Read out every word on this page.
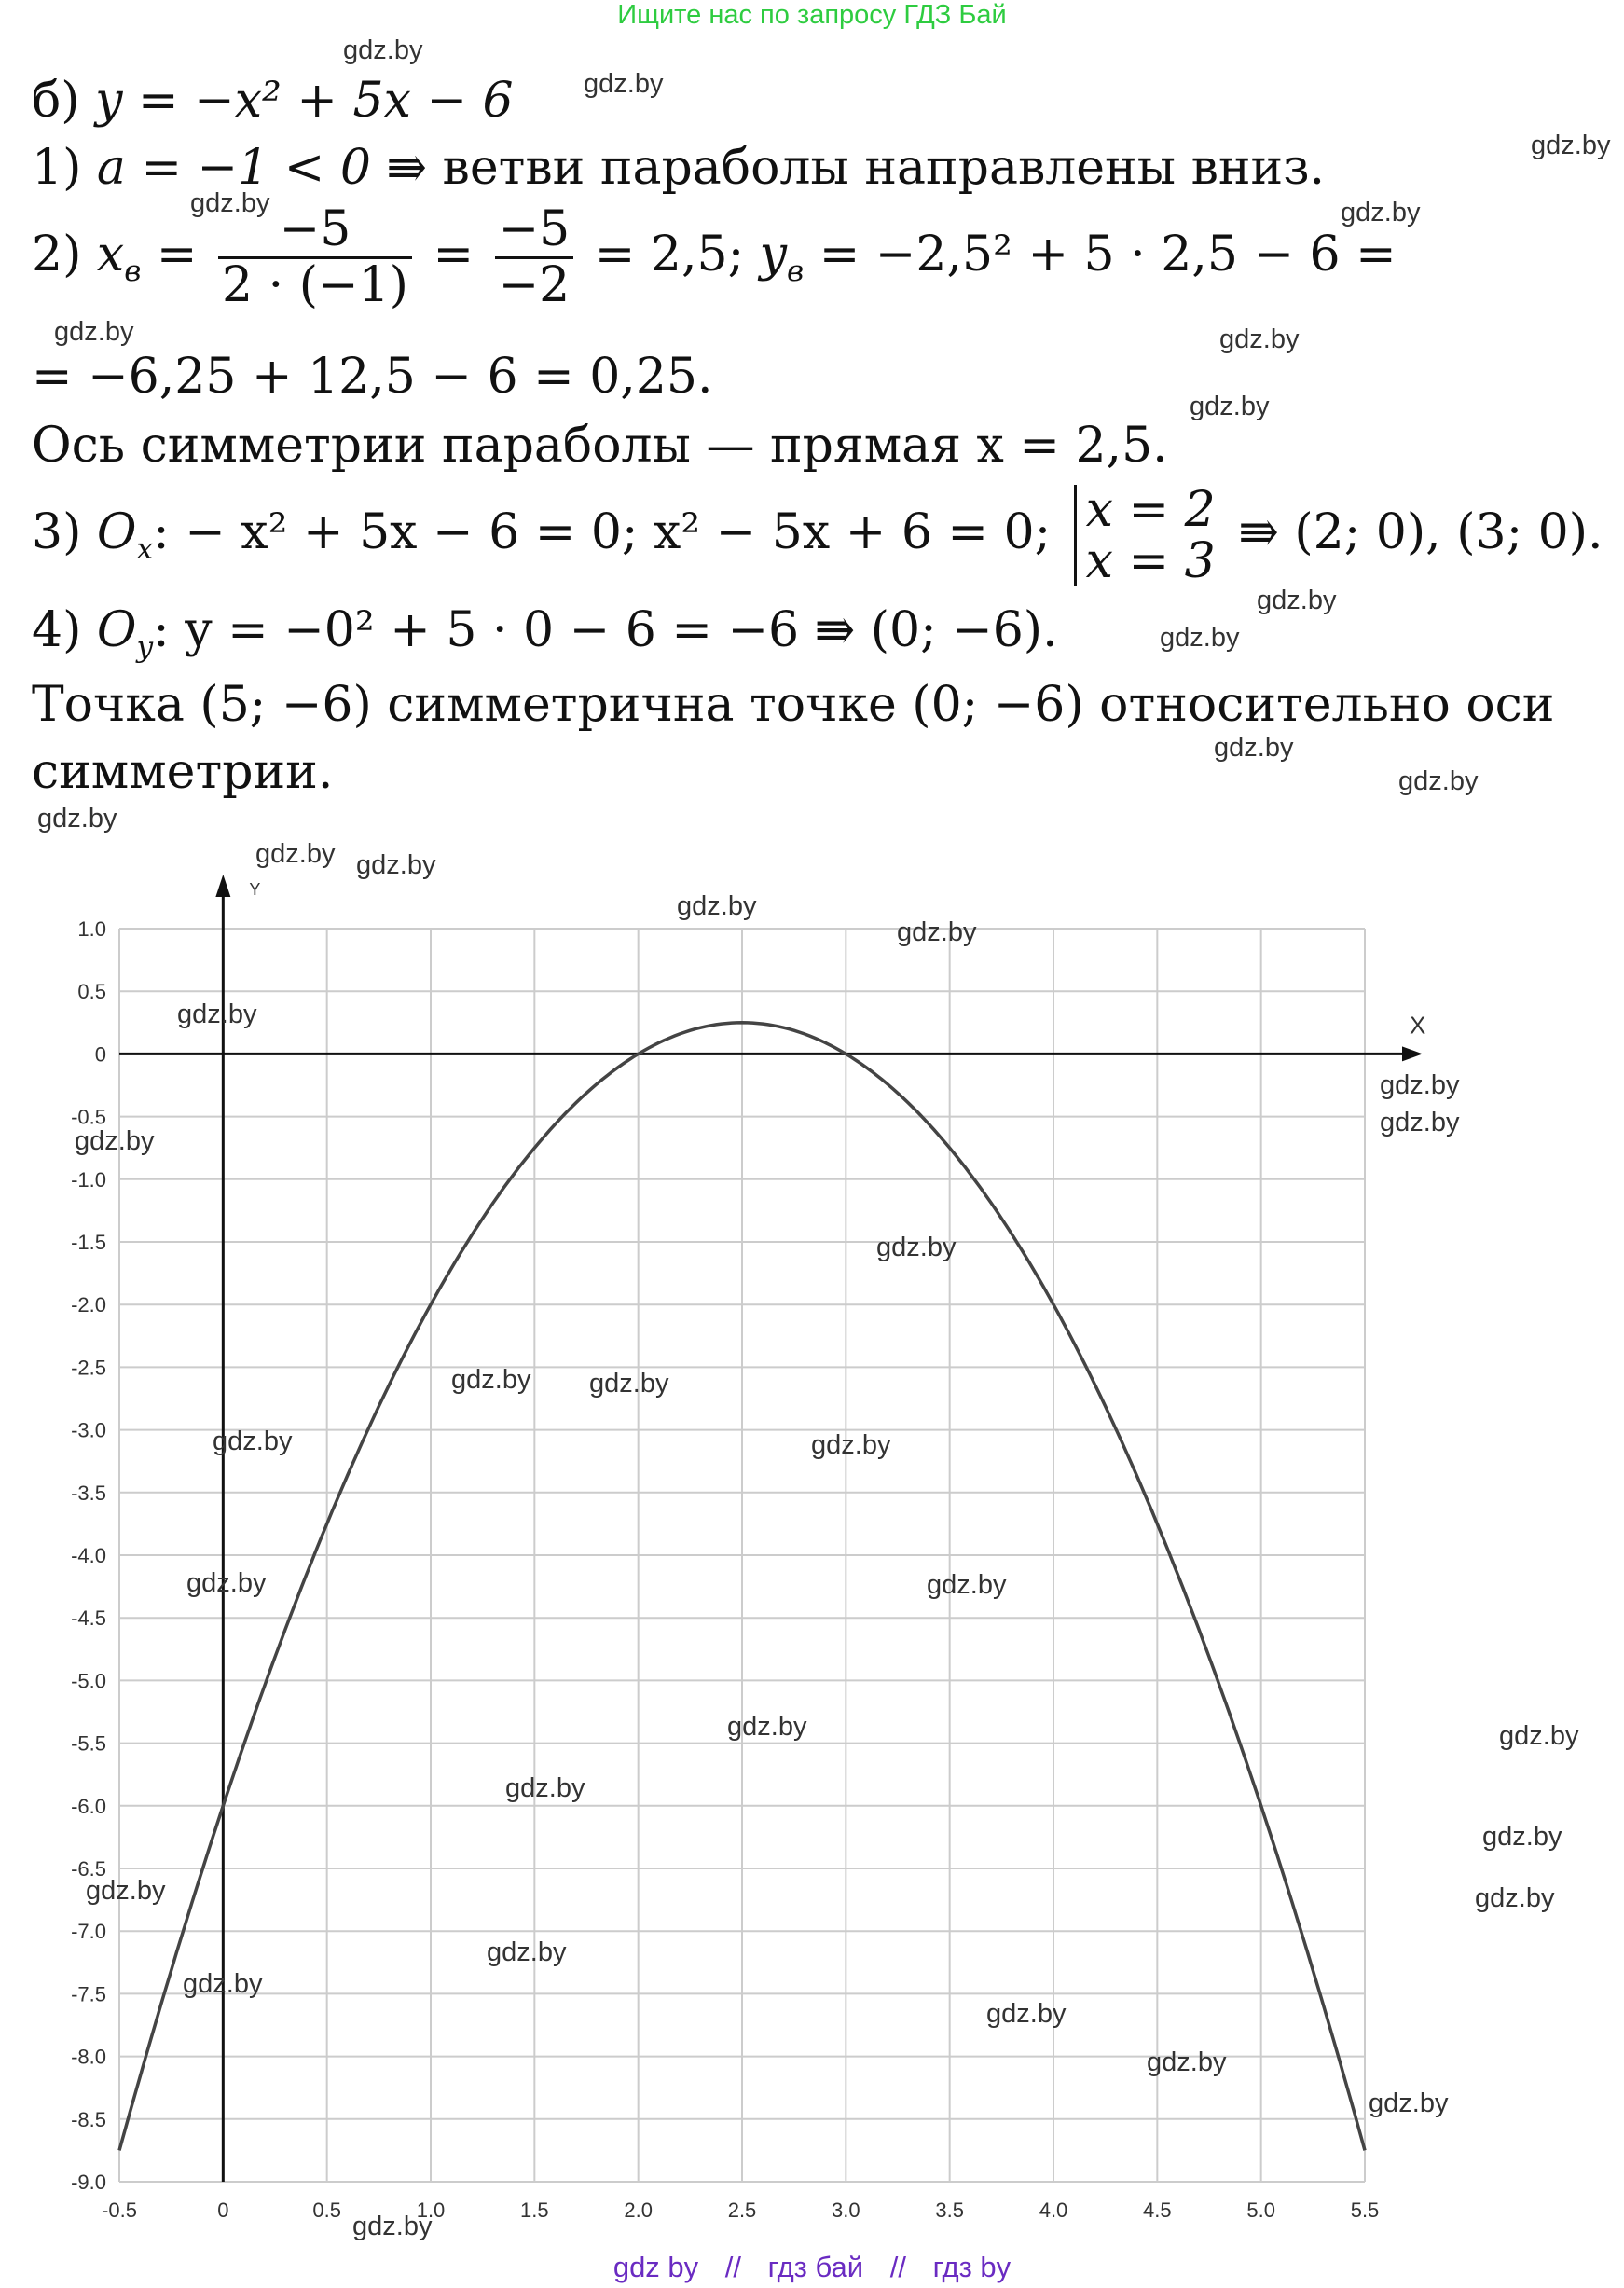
Ищите нас по запросу ГДЗ Бай
б) y = −x² + 5x − 6
1) a = −1 < 0 ⇛ ветви параболы направлены вниз.
2) $x_в = \frac{-5}{2 \cdot (-1)} = \frac{-5}{-2} = 2,5$; $y_в = -2,5^2 + 5 \cdot 2,5 - 6$ =
= −6,25 + 12,5 − 6 = 0,25.
Ось симметрии параболы — прямая x = 2,5.
3) $O_x$: − x² + 5x − 6 = 0; x² − 5x + 6 = 0; x = 2
x = 3
⇛ (2; 0), (3; 0).
4) $O_y$: y = −0² + 5 · 0 − 6 = −6 ⇛ (0; −6).
Точка (5; −6) симметрична точке (0; −6) относительно оси
симметрии.
X
Y
-0.5	0	0.5	1.0	1.5	2.0	2.5	3.0	3.5	4.0	4.5	5.0	5.5
1.0
0.5
0
-0.5
-1.0
-1.5
-2.0
-2.5
-3.0
-3.5
-4.0
-4.5
-5.0
-5.5
-6.0
-6.5
-7.0
-7.5
-8.0
-8.5
-9.0
gdz.by
gdz.by
gdz.by
gdz.by	gdz.by
gdz.by	gdz.by
gdz.by
gdz.by
gdz.by
gdz.by
gdz.by
gdz.by
gdz.by gdz.by
gdz.by
gdz.by
gdz.by
gdz.by
gdz.by
gdz.by
gdz.by
gdz.by gdz.by
gdz.by	gdz.by
gdz.by	gdz.by
gdz.by	gdz.by
gdz.by
gdz.by
gdz.by
gdz.by
gdz.by
gdz.by
gdz.by
gdz.by
gdz.by
gdz.by
gdz by // гдз бай // гдз by
